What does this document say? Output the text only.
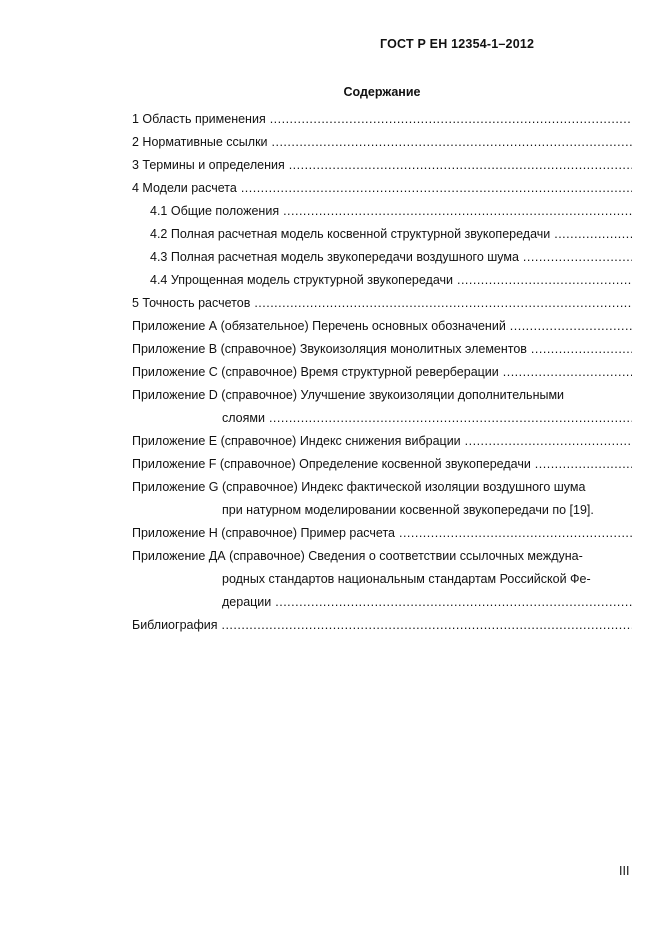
ГОСТ Р ЕН 12354-1–2012
Содержание
1 Область применения .....
2 Нормативные ссылки .....
3 Термины и определения .....
4 Модели расчета .....
4.1 Общие положения .....
4.2 Полная расчетная модель косвенной структурной звукопередачи .....
4.3 Полная расчетная модель звукопередачи воздушного шума .....
4.4 Упрощенная модель структурной звукопередачи .....
5 Точность расчетов .....
Приложение А (обязательное) Перечень основных обозначений .....
Приложение В (справочное) Звукоизоляция монолитных элементов .....
Приложение С (справочное) Время структурной реверберации .....
Приложение D (справочное) Улучшение звукоизоляции дополнительными
слоями .....
Приложение Е (справочное) Индекс снижения вибрации .....
Приложение F (справочное) Определение косвенной звукопередачи .....
Приложение G (справочное) Индекс фактической изоляции воздушного шума
при натурном моделировании косвенной звукопередачи по [19].
Приложение Н (справочное) Пример расчета .....
Приложение ДА (справочное) Сведения о соответствии ссылочных междуна-
родных стандартов национальным стандартам Российской Фе-
дерации .....
Библиография .....
III
